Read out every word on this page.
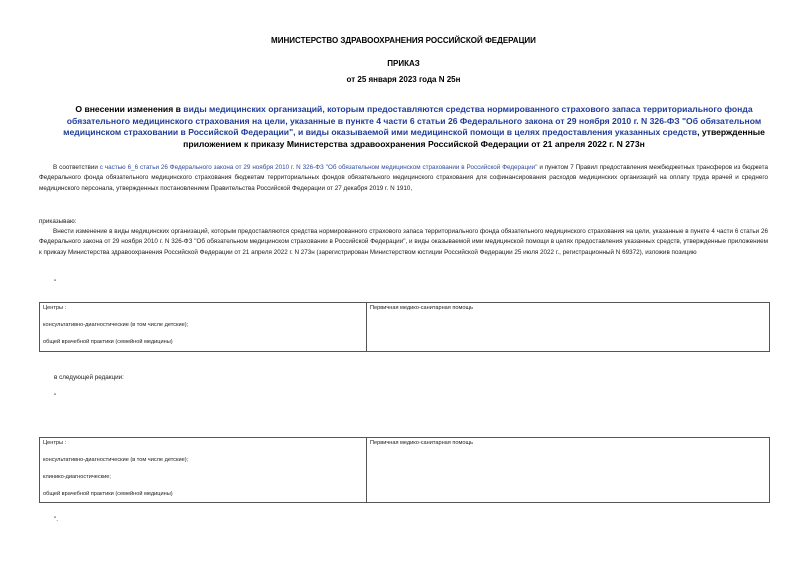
МИНИСТЕРСТВО ЗДРАВООХРАНЕНИЯ РОССИЙСКОЙ ФЕДЕРАЦИИ
ПРИКАЗ
от 25 января 2023 года N 25н
О внесении изменения в виды медицинских организаций, которым предоставляются средства нормированного страхового запаса территориального фонда обязательного медицинского страхования на цели, указанные в пункте 4 части 6 статьи 26 Федерального закона от 29 ноября 2010 г. N 326-ФЗ "Об обязательном медицинском страховании в Российской Федерации", и виды оказываемой ими медицинской помощи в целях предоставления указанных средств, утвержденные приложением к приказу Министерства здравоохранения Российской Федерации от 21 апреля 2022 г. N 273н
В соответствии с частью 6_6 статьи 26 Федерального закона от 29 ноября 2010 г. N 326-ФЗ "Об обязательном медицинском страховании в Российской Федерации" и пунктом 7 Правил предоставления межбюджетных трансферов из бюджета Федерального фонда обязательного медицинского страхования бюджетам территориальных фондов обязательного медицинского страхования для софинансирования расходов медицинских организаций на оплату труда врачей и среднего медицинского персонала, утвержденных постановлением Правительства Российской Федерации от 27 декабря 2019 г. N 1910,
приказываю:
Внести изменение в виды медицинских организаций, которым предоставляются средства нормированного страхового запаса территориального фонда обязательного медицинского страхования на цели, указанные в пункте 4 части 6 статьи 26 Федерального закона от 29 ноября 2010 г. N 326-ФЗ "Об обязательном медицинском страховании в Российской Федерации", и виды оказываемой ими медицинской помощи в целях предоставления указанных средств, утвержденные приложением к приказу Министерства здравоохранения Российской Федерации от 21 апреля 2022 г. N 273н (зарегистрирован Министерством юстиции Российской Федерации 25 июля 2022 г., регистрационный N 69372), изложив позицию
"
Центры :
консультативно-диагностические (в том числе детские);
общей врачебной практики (семейной медицины)
	Первичная медико-санитарная помощь
в следующей редакции:
"
Центры :
консультативно-диагностические (в том числе детские);
клинико-диагностические;
общей врачебной практики (семейной медицины)
	Первичная медико-санитарная помощь
".
